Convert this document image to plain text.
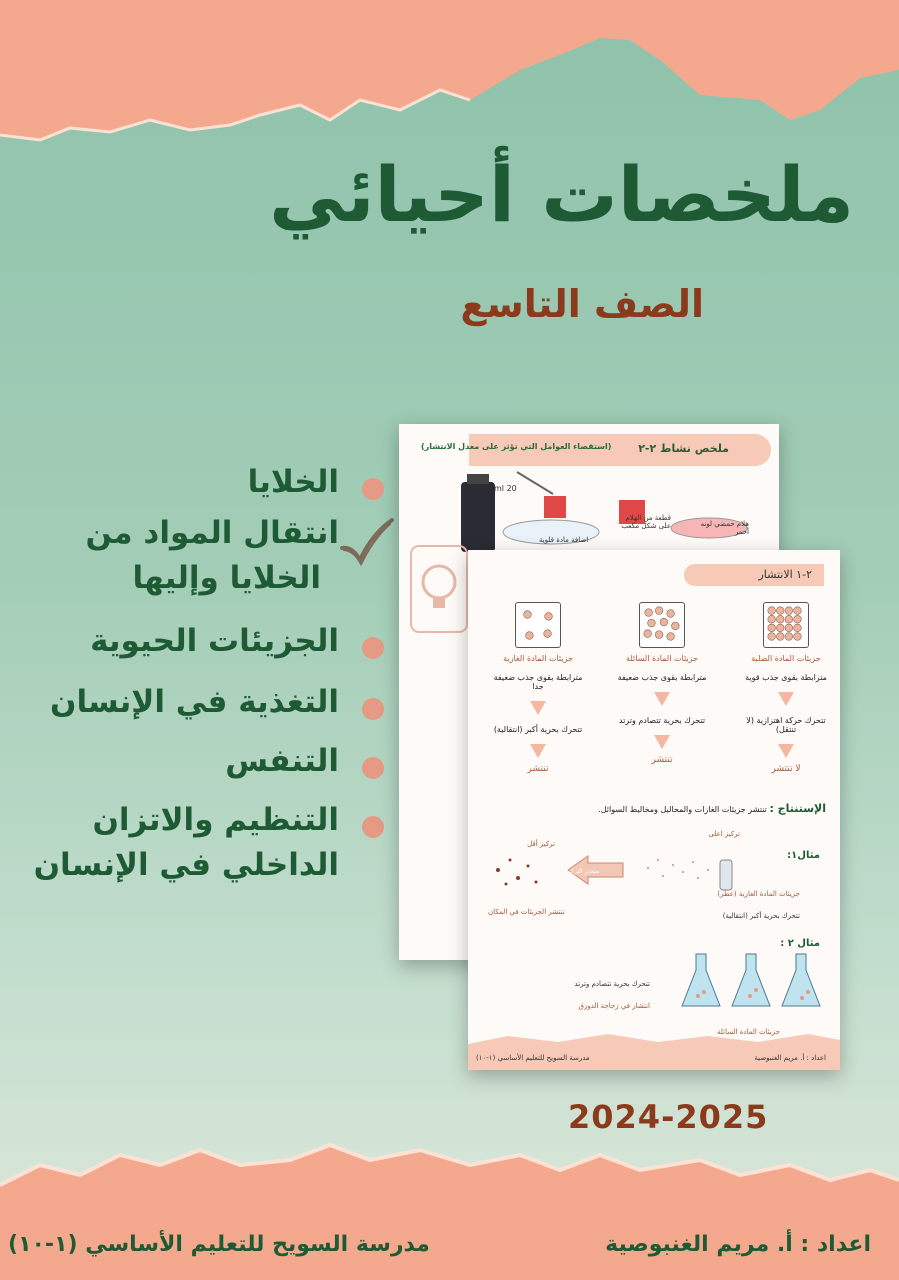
ملخصات أحيائي
الصف التاسع
الخلايا
انتقال المواد من
الخلايا وإليها
الجزيئات الحيوية
التغذية في الإنسان
التنفس
التنظيم والاتزان
الداخلي في الإنسان
ملخص نشاط ٢-٢
(استقصاء العوامل التي تؤثر على معدل الانتشار)
20 ml
قطعة من الهلام على شكل مكعب	هلام حمضي لونه أحمر
اضافة مادة قلوية
٢-١ الانتشار
جزيئات المادة الصلبة
مترابطة بقوى جذب قوية
تتحرك حركة اهتزازية (لا تنتقل)
لا تنتشر
جزيئات المادة السائلة
مترابطة بقوى جذب ضعيفة
تتحرك بحرية تتصادم وترتد
تنتشر
جزيئات المادة الغازية
مترابطة بقوى جذب ضعيفة جدا
تتحرك بحرية أكبر (انتقالية)
تنتشر
الإستنتاج : تنتشر جزيئات الغازات والمحاليل ومخاليط السوائل.
مثال١:
تركيز اعلى
تركيز أقل
منحدر التركيز
جزيئات المادة الغازية (عطر)
تتحرك بحرية أكبر (انتقالية)
تنتشر الجزيئات في المكان
مثال ٢ :
جزيئات المادة السائلة
تتحرك بحرية تتصادم وترتد
انتشار في زجاجة الدورق
اعداد : أ. مريم الغنبوصية
مدرسة السويح للتعليم الأساسي (١-١٠)
2024-2025
اعداد : أ. مريم الغنبوصية
مدرسة السويح للتعليم الأساسي (١-١٠)
